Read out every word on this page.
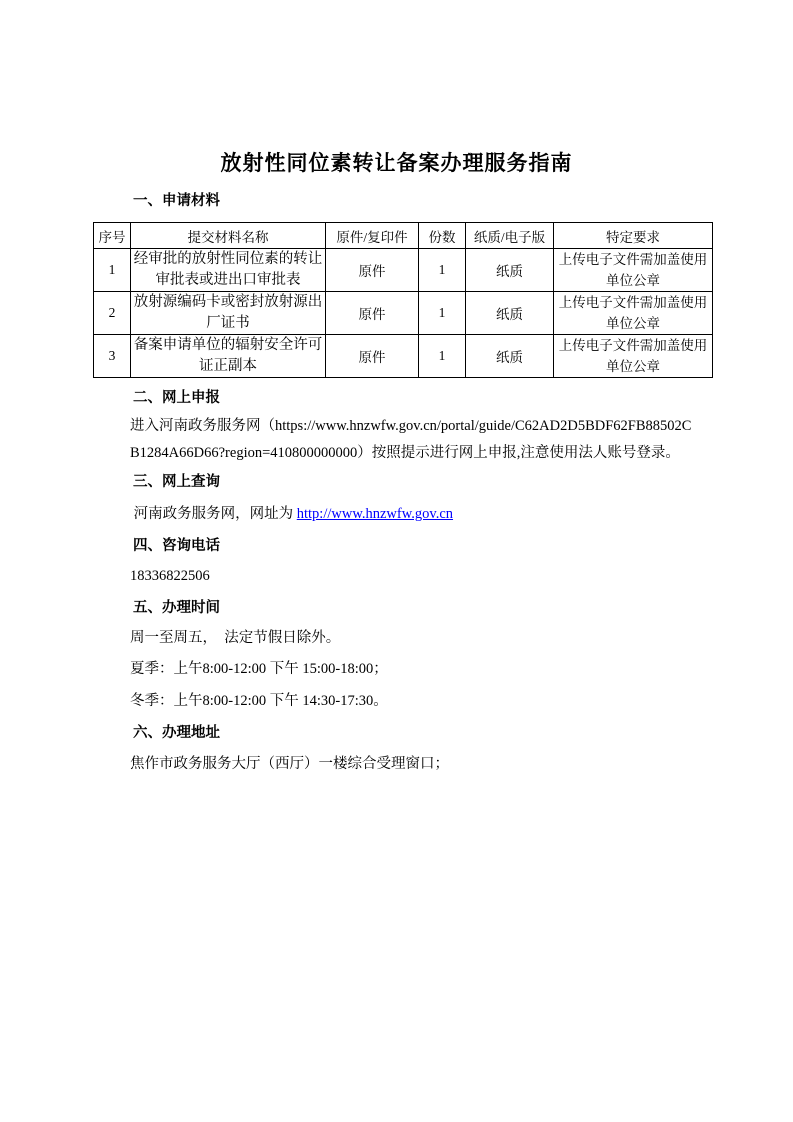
放射性同位素转让备案办理服务指南
一、申请材料
序号	提交材料名称	原件/复印件	份数	纸质/电子版	特定要求
1	经审批的放射性同位素的转让审批表或进出口审批表	原件	1	纸质	上传电子文件需加盖使用单位公章
2	放射源编码卡或密封放射源出厂证书	原件	1	纸质	上传电子文件需加盖使用单位公章
3	备案申请单位的辐射安全许可证正副本	原件	1	纸质	上传电子文件需加盖使用单位公章
二、网上申报
进入河南政务服务网（https://www.hnzwfw.gov.cn/portal/guide/C62AD2D5BDF62FB88502C
B1284A66D66?region=410800000000）按照提示进行网上申报,注意使用法人账号登录。
三、网上查询
河南政务服务网，网址为 http://www.hnzwfw.gov.cn
四、咨询电话
18336822506
五、办理时间
周一至周五，  法定节假日除外。
夏季：上午8:00-12:00 下午 15:00-18:00；
冬季：上午8:00-12:00 下午 14:30-17:30。
六、办理地址
焦作市政务服务大厅（西厅）一楼综合受理窗口；
